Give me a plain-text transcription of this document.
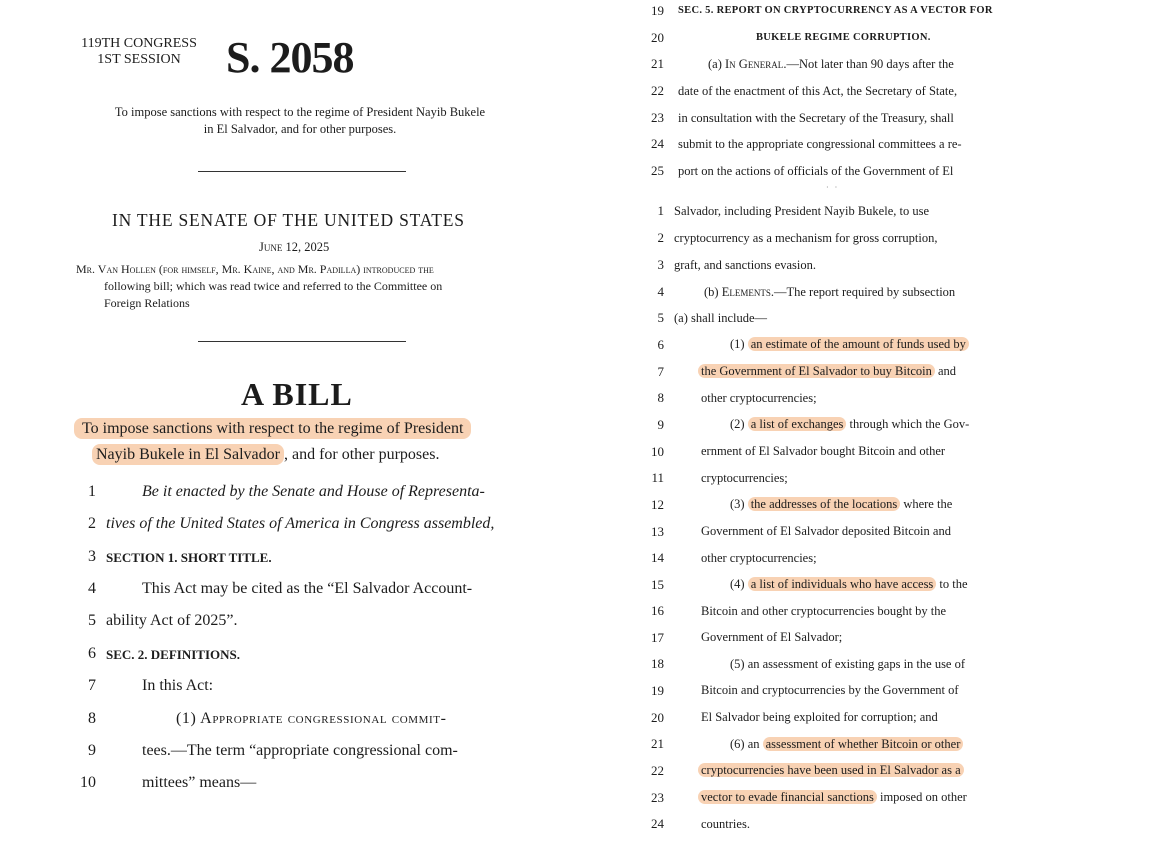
119TH CONGRESS
1ST SESSION	S. 2058
To impose sanctions with respect to the regime of President Nayib Bukele
in El Salvador, and for other purposes.
IN THE SENATE OF THE UNITED STATES
June 12, 2025
Mr. Van Hollen (for himself, Mr. Kaine, and Mr. Padilla) introduced the
following bill; which was read twice and referred to the Committee on
Foreign Relations
A BILL
To impose sanctions with respect to the regime of President
Nayib Bukele in El Salvador , and for other purposes.
1	Be it enacted by the Senate and House of Representa-
2 tives of the United States of America in Congress assembled,
3 SECTION 1. SHORT TITLE.
4	This Act may be cited as the “El Salvador Account-
5 ability Act of 2025”.
6 SEC. 2. DEFINITIONS.
7	In this Act:
8	(1) Appropriate congressional commit-
9	tees.—The term “appropriate congressional com-
10	mittees” means—
19 SEC. 5. REPORT ON CRYPTOCURRENCY AS A VECTOR FOR
20	BUKELE REGIME CORRUPTION.
21	(a) In General.—Not later than 90 days after the
22 date of the enactment of this Act, the Secretary of State,
23 in consultation with the Secretary of the Treasury, shall
24 submit to the appropriate congressional committees a re-
25 port on the actions of officials of the Government of El
· ·
1 Salvador, including President Nayib Bukele, to use
2 cryptocurrency as a mechanism for gross corruption,
3 graft, and sanctions evasion.
4	(b) Elements.—The report required by subsection
5 (a) shall include—
6	(1) an estimate of the amount of funds used by
7	the Government of El Salvador to buy Bitcoin and
8	other cryptocurrencies;
9	(2) a list of exchanges through which the Gov-
10	ernment of El Salvador bought Bitcoin and other
11	cryptocurrencies;
12	(3) the addresses of the locations where the
13	Government of El Salvador deposited Bitcoin and
14	other cryptocurrencies;
15	(4) a list of individuals who have access to the
16	Bitcoin and other cryptocurrencies bought by the
17	Government of El Salvador;
18	(5) an assessment of existing gaps in the use of
19	Bitcoin and cryptocurrencies by the Government of
20	El Salvador being exploited for corruption; and
21	(6) an assessment of whether Bitcoin or other
22	cryptocurrencies have been used in El Salvador as a
23	vector to evade financial sanctions imposed on other
24	countries.
